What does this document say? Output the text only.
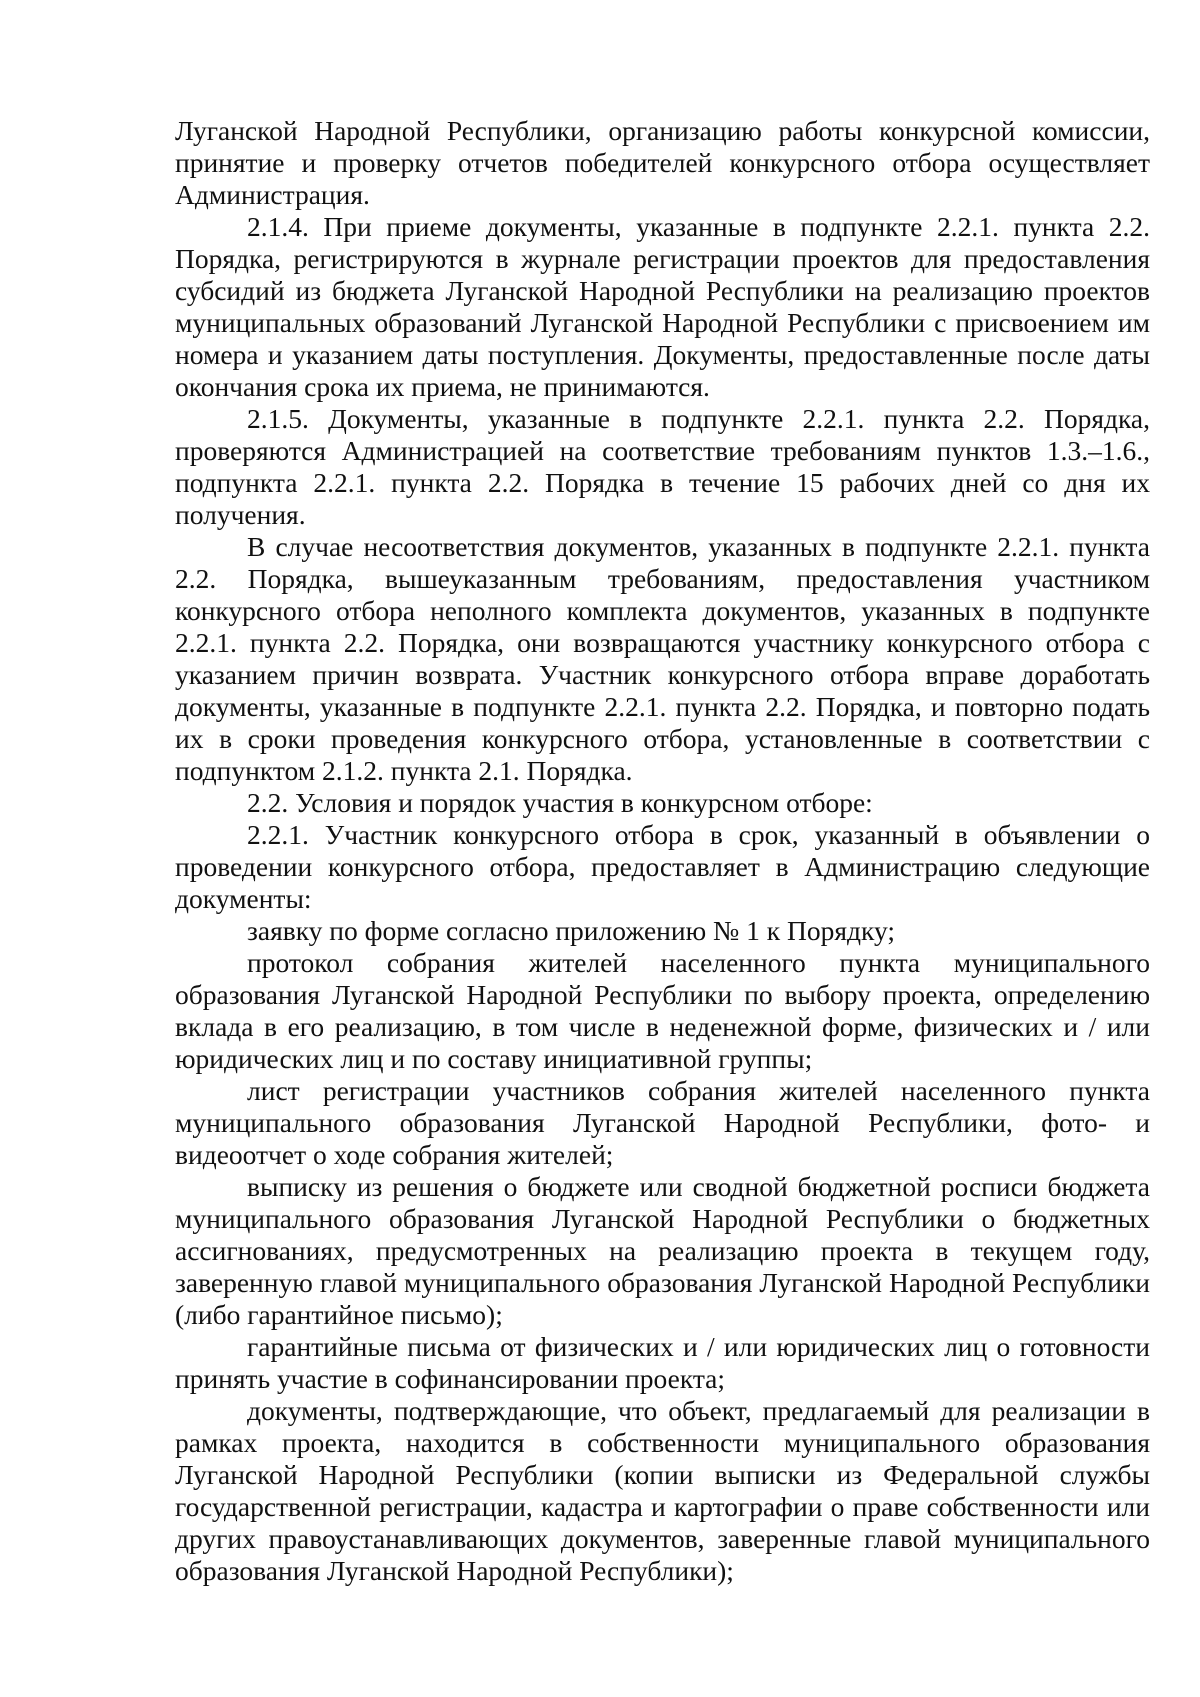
Луганской Народной Республики, организацию работы конкурсной комиссии, принятие и проверку отчетов победителей конкурсного отбора осуществляет Администрация.

2.1.4. При приеме документы, указанные в подпункте 2.2.1. пункта 2.2. Порядка, регистрируются в журнале регистрации проектов для предоставления субсидий из бюджета Луганской Народной Республики на реализацию проектов муниципальных образований Луганской Народной Республики с присвоением им номера и указанием даты поступления. Документы, предоставленные после даты окончания срока их приема, не принимаются.

2.1.5. Документы, указанные в подпункте 2.2.1. пункта 2.2. Порядка, проверяются Администрацией на соответствие требованиям пунктов 1.3.–1.6., подпункта 2.2.1. пункта 2.2. Порядка в течение 15 рабочих дней со дня их получения.

В случае несоответствия документов, указанных в подпункте 2.2.1. пункта 2.2. Порядка, вышеуказанным требованиям, предоставления участником конкурсного отбора неполного комплекта документов, указанных в подпункте 2.2.1. пункта 2.2. Порядка, они возвращаются участнику конкурсного отбора с указанием причин возврата. Участник конкурсного отбора вправе доработать документы, указанные в подпункте 2.2.1. пункта 2.2. Порядка, и повторно подать их в сроки проведения конкурсного отбора, установленные в соответствии с подпунктом 2.1.2. пункта 2.1. Порядка.

2.2. Условия и порядок участия в конкурсном отборе:

2.2.1. Участник конкурсного отбора в срок, указанный в объявлении о проведении конкурсного отбора, предоставляет в Администрацию следующие документы:

заявку по форме согласно приложению № 1 к Порядку;

протокол собрания жителей населенного пункта муниципального образования Луганской Народной Республики по выбору проекта, определению вклада в его реализацию, в том числе в неденежной форме, физических и / или юридических лиц и по составу инициативной группы;

лист регистрации участников собрания жителей населенного пункта муниципального образования Луганской Народной Республики, фото- и видеоотчет о ходе собрания жителей;

выписку из решения о бюджете или сводной бюджетной росписи бюджета муниципального образования Луганской Народной Республики о бюджетных ассигнованиях, предусмотренных на реализацию проекта в текущем году, заверенную главой муниципального образования Луганской Народной Республики (либо гарантийное письмо);

гарантийные письма от физических и / или юридических лиц о готовности принять участие в софинансировании проекта;

документы, подтверждающие, что объект, предлагаемый для реализации в рамках проекта, находится в собственности муниципального образования Луганской Народной Республики (копии выписки из Федеральной службы государственной регистрации, кадастра и картографии о праве собственности или других правоустанавливающих документов, заверенные главой муниципального образования Луганской Народной Республики);
